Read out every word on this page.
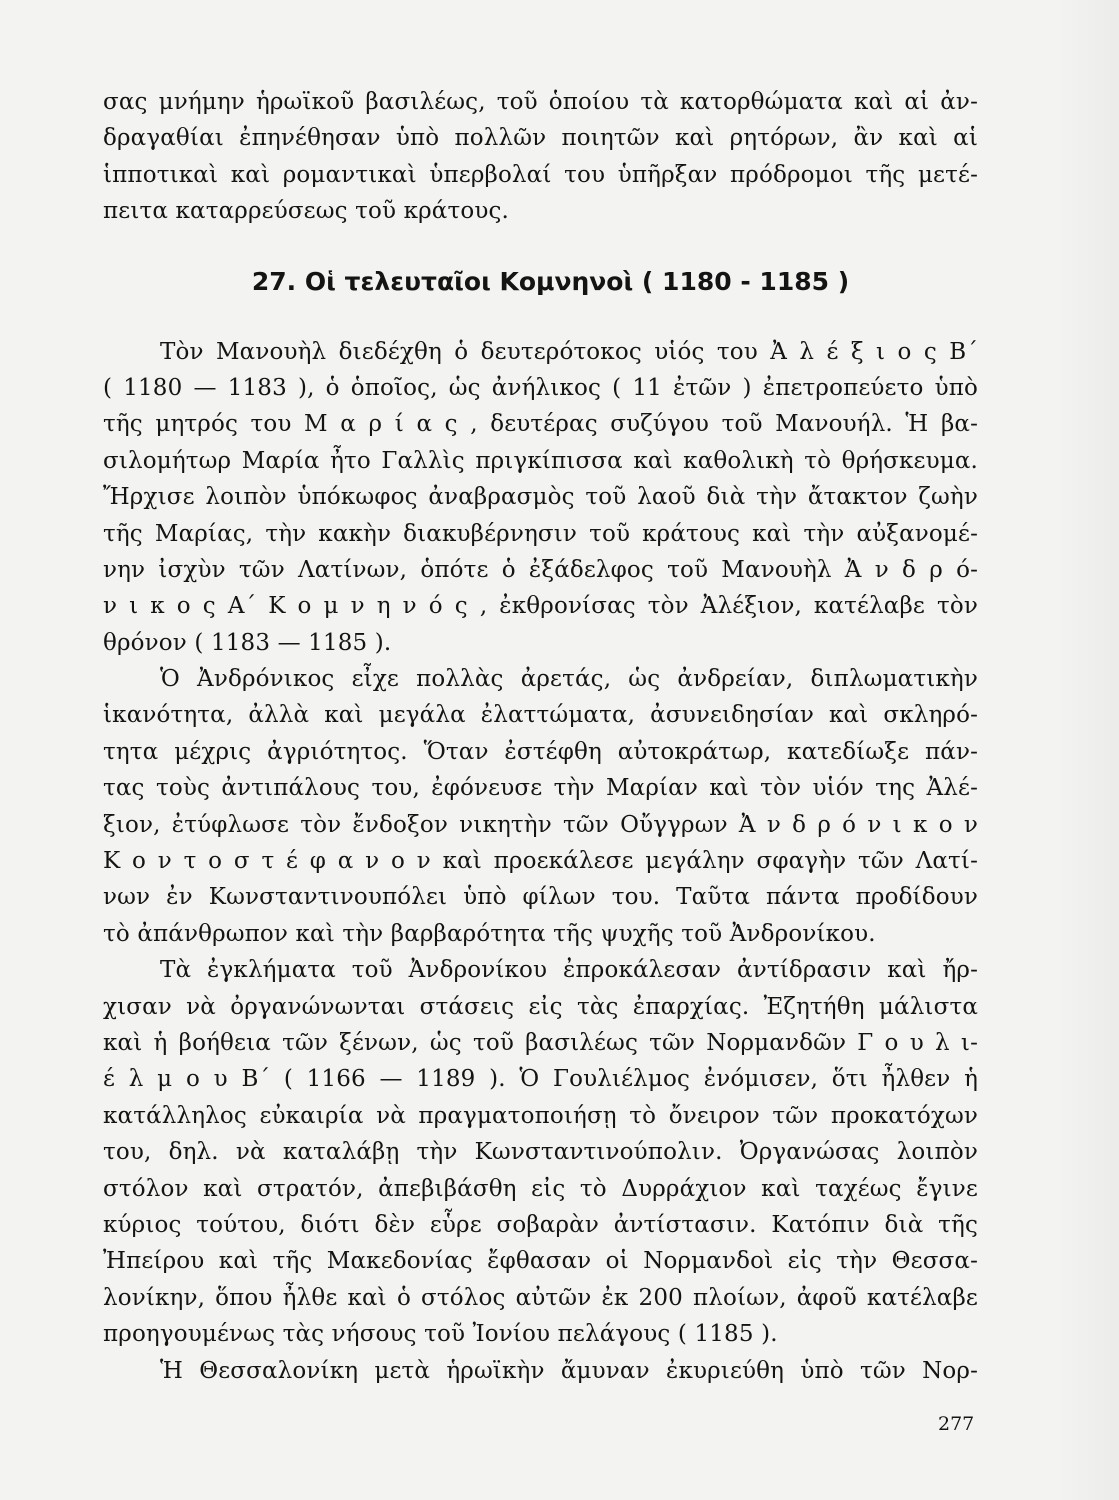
σας μνήμην ἡρωϊκοῦ βασιλέως, τοῦ ὁποίου τὰ κατορθώματα καὶ αἱ ἀν-
δραγαθίαι ἐπηνέθησαν ὑπὸ πολλῶν ποιητῶν καὶ ρητόρων, ἂν καὶ αἱ
ἱπποτικαὶ καὶ ρομαντικαὶ ὑπερβολαί του ὑπῆρξαν πρόδρομοι τῆς μετέ-
πειτα καταρρεύσεως τοῦ κράτους.
27. Οἱ τελευταῖοι Κομνηνοὶ ( 1180 - 1185 )
Τὸν Μανουὴλ διεδέχθη ὁ δευτερότοκος υἱός του Ἀ λ έ ξ ι ο ς Β΄
( 1180 — 1183 ), ὁ ὁποῖος, ὡς ἀνήλικος ( 11 ἐτῶν ) ἐπετροπεύετο ὑπὸ
τῆς μητρός του Μ α ρ ί α ς , δευτέρας συζύγου τοῦ Μανουήλ. Ἡ βα-
σιλομήτωρ Μαρία ἦτο Γαλλὶς πριγκίπισσα καὶ καθολικὴ τὸ θρήσκευμα.
Ἤρχισε λοιπὸν ὑπόκωφος ἀναβρασμὸς τοῦ λαοῦ διὰ τὴν ἄτακτον ζωὴν
τῆς Μαρίας, τὴν κακὴν διακυβέρνησιν τοῦ κράτους καὶ τὴν αὐξανομέ-
νην ἰσχὺν τῶν Λατίνων, ὁπότε ὁ ἐξάδελφος τοῦ Μανουὴλ Ἀ ν δ ρ ό-
ν ι κ ο ς Α΄ Κ ο μ ν η ν ό ς , ἐκθρονίσας τὸν Ἀλέξιον, κατέλαβε τὸν
θρόνον ( 1183 — 1185 ).
Ὁ Ἀνδρόνικος εἶχε πολλὰς ἀρετάς, ὡς ἀνδρείαν, διπλωματικὴν
ἱκανότητα, ἀλλὰ καὶ μεγάλα ἐλαττώματα, ἀσυνειδησίαν καὶ σκληρό-
τητα μέχρις ἀγριότητος. Ὅταν ἐστέφθη αὐτοκράτωρ, κατεδίωξε πάν-
τας τοὺς ἀντιπάλους του, ἐφόνευσε τὴν Μαρίαν καὶ τὸν υἱόν της Ἀλέ-
ξιον, ἐτύφλωσε τὸν ἔνδοξον νικητὴν τῶν Οὔγγρων Ἀ ν δ ρ ό ν ι κ ο ν
Κ ο ν τ ο σ τ έ φ α ν ο ν καὶ προεκάλεσε μεγάλην σφαγὴν τῶν Λατί-
νων ἐν Κωνσταντινουπόλει ὑπὸ φίλων του. Ταῦτα πάντα προδίδουν
τὸ ἀπάνθρωπον καὶ τὴν βαρβαρότητα τῆς ψυχῆς τοῦ Ἀνδρονίκου.
Τὰ ἐγκλήματα τοῦ Ἀνδρονίκου ἐπροκάλεσαν ἀντίδρασιν καὶ ἤρ-
χισαν νὰ ὀργανώνωνται στάσεις εἰς τὰς ἐπαρχίας. Ἐζητήθη μάλιστα
καὶ ἡ βοήθεια τῶν ξένων, ὡς τοῦ βασιλέως τῶν Νορμανδῶν Γ ο υ λ ι-
έ λ μ ο υ Β΄ ( 1166 — 1189 ). Ὁ Γουλιέλμος ἐνόμισεν, ὅτι ἦλθεν ἡ
κατάλληλος εὐκαιρία νὰ πραγματοποιήσῃ τὸ ὄνειρον τῶν προκατόχων
του, δηλ. νὰ καταλάβῃ τὴν Κωνσταντινούπολιν. Ὀργανώσας λοιπὸν
στόλον καὶ στρατόν, ἀπεβιβάσθη εἰς τὸ Δυρράχιον καὶ ταχέως ἔγινε
κύριος τούτου, διότι δὲν εὗρε σοβαρὰν ἀντίστασιν. Κατόπιν διὰ τῆς
Ἠπείρου καὶ τῆς Μακεδονίας ἔφθασαν οἱ Νορμανδοὶ εἰς τὴν Θεσσα-
λονίκην, ὅπου ἦλθε καὶ ὁ στόλος αὐτῶν ἐκ 200 πλοίων, ἀφοῦ κατέλαβε
προηγουμένως τὰς νήσους τοῦ Ἰονίου πελάγους ( 1185 ).
Ἡ Θεσσαλονίκη μετὰ ἡρωϊκὴν ἄμυναν ἐκυριεύθη ὑπὸ τῶν Νορ-
277
